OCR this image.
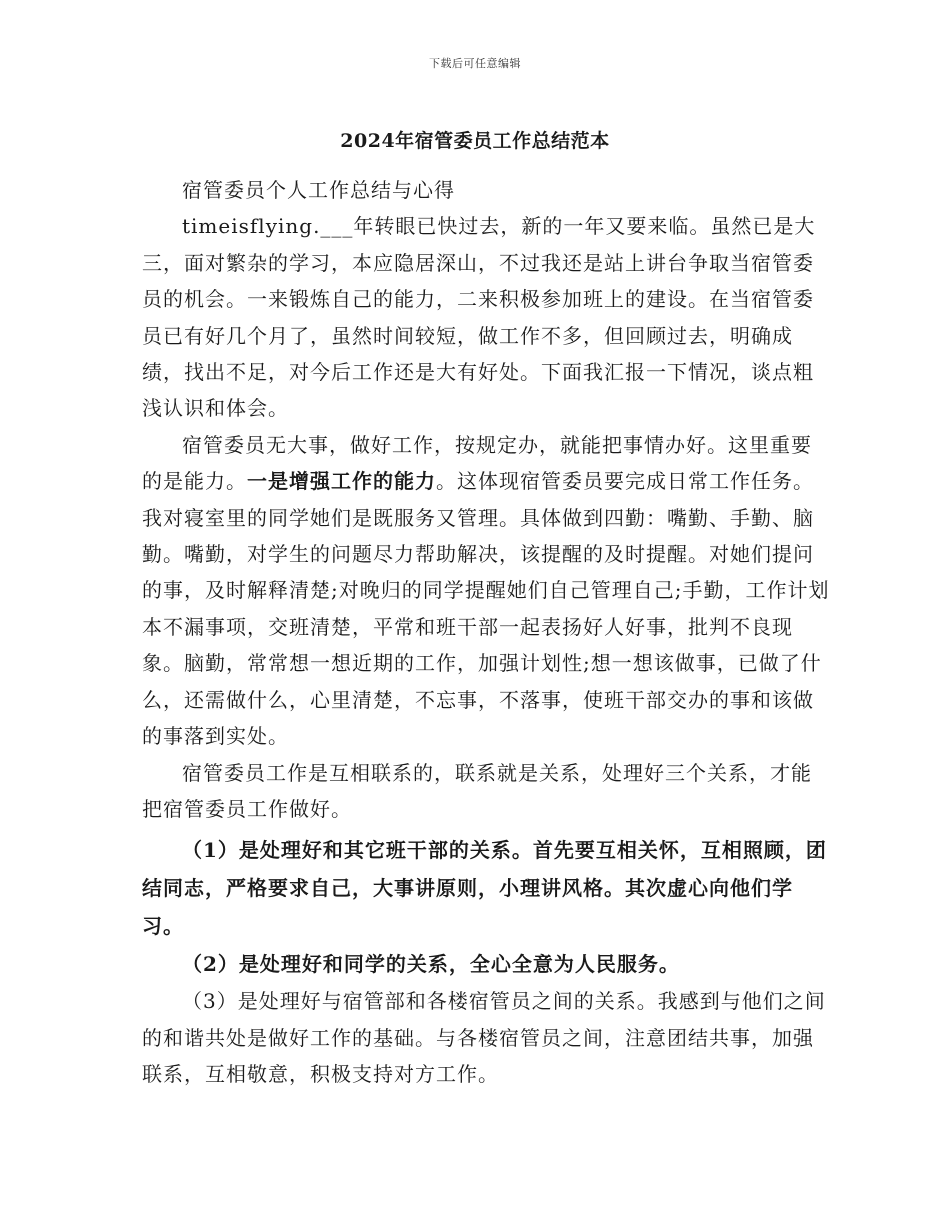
下载后可任意编辑
2024年宿管委员工作总结范本

宿管委员个人工作总结与心得

timeisflying.___年转眼已快过去，新的一年又要来临。虽然已是大三，面对繁杂的学习，本应隐居深山，不过我还是站上讲台争取当宿管委员的机会。一来锻炼自己的能力，二来积极参加班上的建设。在当宿管委员已有好几个月了，虽然时间较短，做工作不多，但回顾过去，明确成绩，找出不足，对今后工作还是大有好处。下面我汇报一下情况，谈点粗浅认识和体会。

宿管委员无大事，做好工作，按规定办，就能把事情办好。这里重要的是能力。一是增强工作的能力。这体现宿管委员要完成日常工作任务。我对寝室里的同学她们是既服务又管理。具体做到四勤：嘴勤、手勤、脑勤。嘴勤，对学生的问题尽力帮助解决，该提醒的及时提醒。对她们提问的事，及时解释清楚;对晚归的同学提醒她们自己管理自己;手勤，工作计划本不漏事项，交班清楚，平常和班干部一起表扬好人好事，批判不良现象。脑勤，常常想一想近期的工作，加强计划性;想一想该做事，已做了什么，还需做什么，心里清楚，不忘事，不落事，使班干部交办的事和该做的事落到实处。

宿管委员工作是互相联系的，联系就是关系，处理好三个关系，才能把宿管委员工作做好。

（1）是处理好和其它班干部的关系。首先要互相关怀，互相照顾，团结同志，严格要求自己，大事讲原则，小理讲风格。其次虚心向他们学习。

（2）是处理好和同学的关系，全心全意为人民服务。

（3）是处理好与宿管部和各楼宿管员之间的关系。我感到与他们之间的和谐共处是做好工作的基础。与各楼宿管员之间，注意团结共事，加强联系，互相敬意，积极支持对方工作。
